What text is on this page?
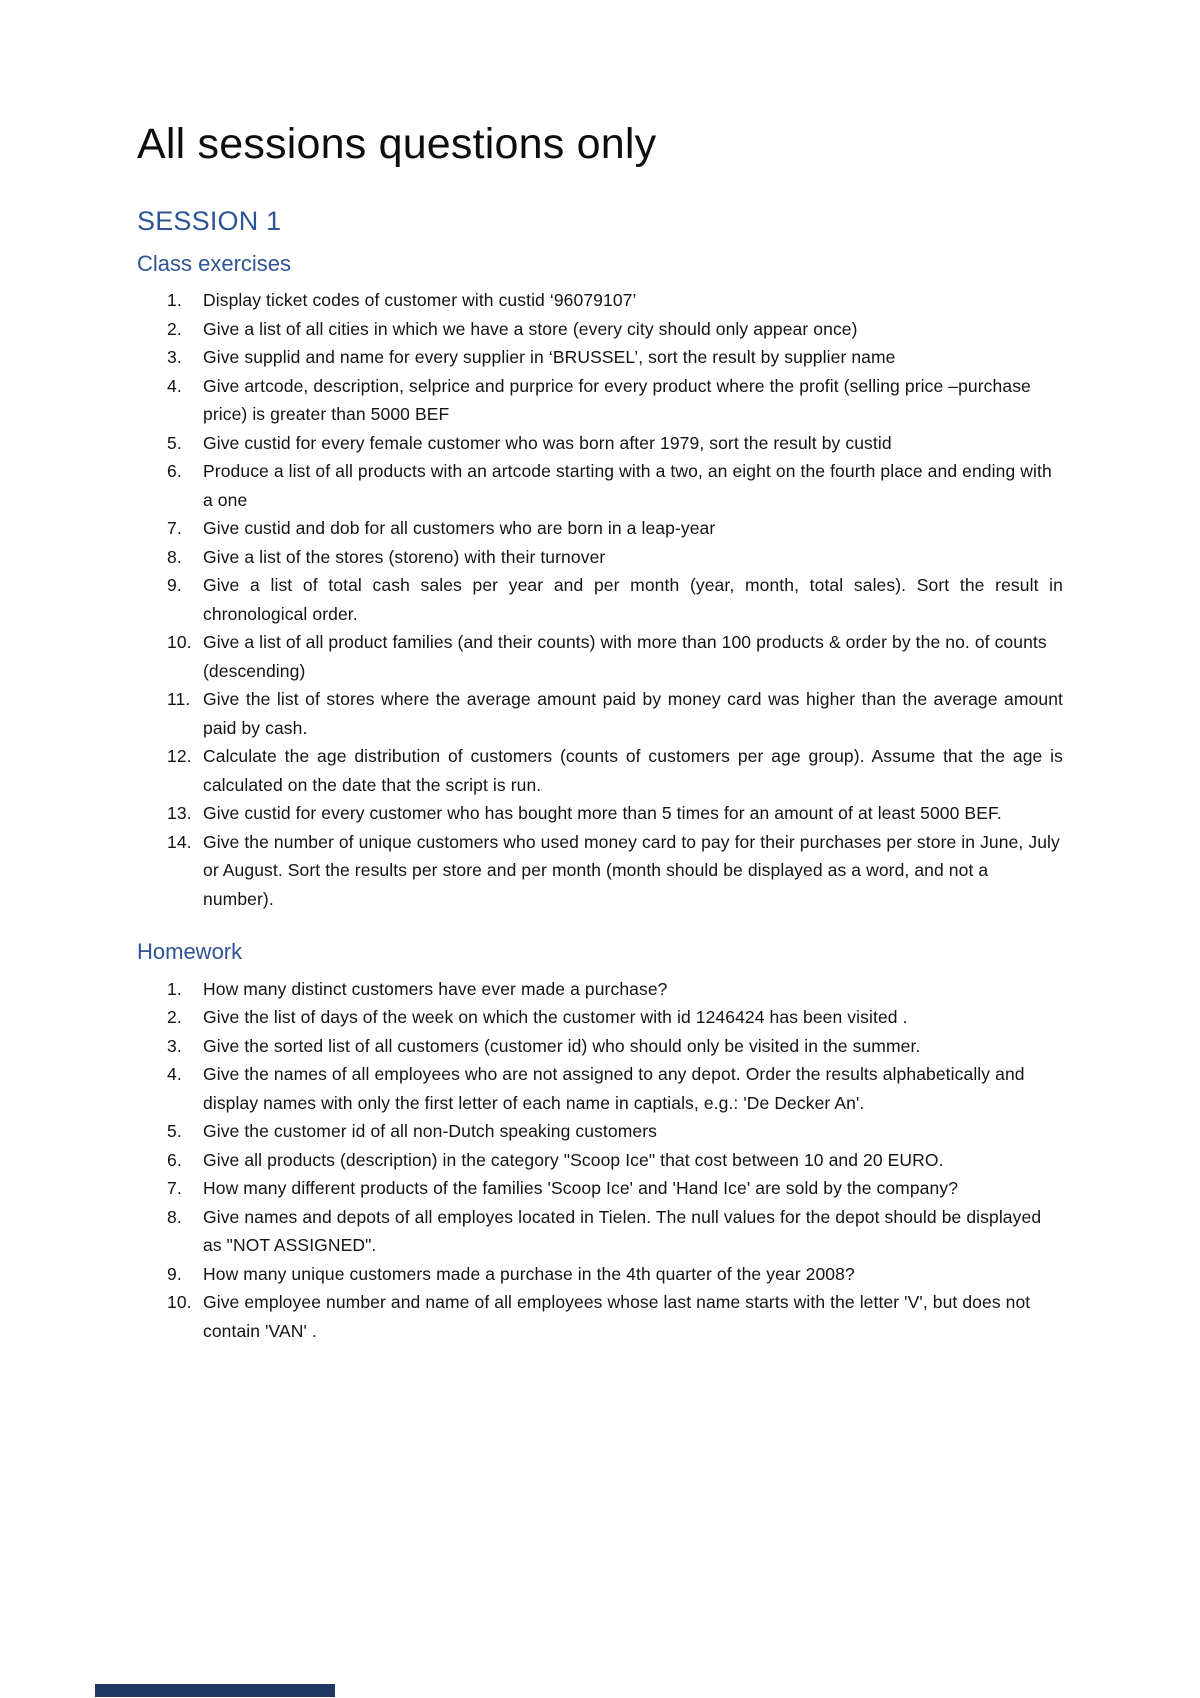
All sessions questions only
SESSION 1
Class exercises
1.	Display ticket codes of customer with custid ‘96079107’
2.	Give a list of all cities in which we have a store (every city should only appear once)
3.	Give supplid and name for every supplier in ‘BRUSSEL’, sort the result by supplier name
4.	Give artcode, description, selprice and purprice for every product where the profit (selling price –purchase price) is greater than 5000 BEF
5.	Give custid for every female customer who was born after 1979, sort the result by custid
6.	Produce a list of all products with an artcode starting with a two, an eight on the fourth place and ending with a one
7.	Give custid and dob for all customers who are born in a leap-year
8.	Give a list of the stores (storeno) with their turnover
9.	Give a list of total cash sales per year and per month (year, month, total sales). Sort the result in chronological order.
10. Give a list of all product families (and their counts) with more than 100 products & order by the no. of counts (descending)
11. Give the list of stores where the average amount paid by money card was higher than the average amount paid by cash.
12. Calculate the age distribution of customers (counts of customers per age group). Assume that the age is calculated on the date that the script is run.
13. Give custid for every customer who has bought more than 5 times for an amount of at least 5000 BEF.
14. Give the number of unique customers who used money card to pay for their purchases per store in June, July or August. Sort the results per store and per month (month should be displayed as a word, and not a number).
Homework
1.	How many distinct customers have ever made a purchase?
2.	Give the list of days of the week on which the customer with id 1246424 has been visited .
3.	Give the sorted list of all customers (customer id) who should only be visited in the summer.
4.	Give the names of all employees who are not assigned to any depot. Order the results alphabetically and display names with only the first letter of each name in captials, e.g.: 'De Decker An'.
5.	Give the customer id of all non-Dutch speaking customers
6.	Give all products (description) in the category "Scoop Ice" that cost between 10 and 20 EURO.
7.	How many different products of the families 'Scoop Ice' and 'Hand Ice' are sold by the company?
8.	Give names and depots of all employes located in Tielen. The null values for the depot should be displayed as "NOT ASSIGNED".
9.	How many unique customers made a purchase in the 4th quarter of the year 2008?
10. Give employee number and name of all employees whose last name starts with the letter 'V', but does not contain 'VAN' .
